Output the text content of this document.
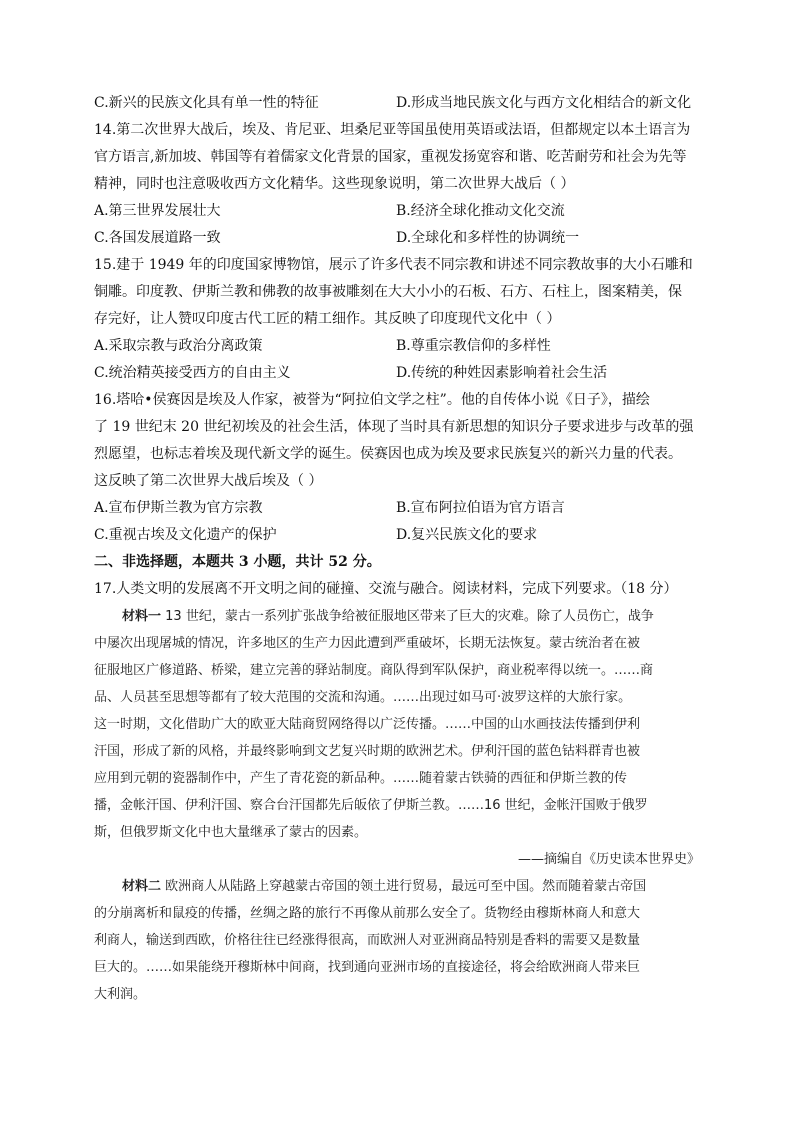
C.新兴的民族文化具有单一性的特征	D.形成当地民族文化与西方文化相结合的新文化
14.第二次世界大战后，埃及、肯尼亚、坦桑尼亚等国虽使用英语或法语，但都规定以本土语言为
官方语言,新加坡、韩国等有着儒家文化背景的国家，重视发扬宽容和谐、吃苦耐劳和社会为先等
精神，同时也注意吸收西方文化精华。这些现象说明，第二次世界大战后（ ）
A.第三世界发展壮大	B.经济全球化推动文化交流
C.各国发展道路一致	D.全球化和多样性的协调统一
15.建于 1949 年的印度国家博物馆，展示了许多代表不同宗教和讲述不同宗教故事的大小石雕和
铜雕。印度教、伊斯兰教和佛教的故事被雕刻在大大小小的石板、石方、石柱上，图案精美，保
存完好，让人赞叹印度古代工匠的精工细作。其反映了印度现代文化中（ ）
A.采取宗教与政治分离政策	B.尊重宗教信仰的多样性
C.统治精英接受西方的自由主义	D.传统的种姓因素影响着社会生活
16.塔哈•侯赛因是埃及人作家，被誉为“阿拉伯文学之柱”。他的自传体小说《日子》，描绘
了 19 世纪末 20 世纪初埃及的社会生活，体现了当时具有新思想的知识分子要求进步与改革的强
烈愿望，也标志着埃及现代新文学的诞生。侯赛因也成为埃及要求民族复兴的新兴力量的代表。
这反映了第二次世界大战后埃及（ ）
A.宣布伊斯兰教为官方宗教	B.宣布阿拉伯语为官方语言
C.重视古埃及文化遗产的保护	D.复兴民族文化的要求
二、非选择题，本题共 3 小题，共计 52 分。
17.人类文明的发展离不开文明之间的碰撞、交流与融合。阅读材料，完成下列要求。（18 分）
材料一 13 世纪，蒙古一系列扩张战争给被征服地区带来了巨大的灾难。除了人员伤亡，战争
中屡次出现屠城的情况，许多地区的生产力因此遭到严重破坏，长期无法恢复。蒙古统治者在被
征服地区广修道路、桥梁，建立完善的驿站制度。商队得到军队保护，商业税率得以统一。……商
品、人员甚至思想等都有了较大范围的交流和沟通。……出现过如马可·波罗这样的大旅行家。
这一时期，文化借助广大的欧亚大陆商贸网络得以广泛传播。……中国的山水画技法传播到伊利
汗国，形成了新的风格，并最终影响到文艺复兴时期的欧洲艺术。伊利汗国的蓝色钴料群青也被
应用到元朝的瓷器制作中，产生了青花瓷的新品种。……随着蒙古铁骑的西征和伊斯兰教的传
播，金帐汗国、伊利汗国、察合台汗国都先后皈依了伊斯兰教。……16 世纪，金帐汗国败于俄罗
斯，但俄罗斯文化中也大量继承了蒙古的因素。
——摘编自《历史读本世界史》
材料二 欧洲商人从陆路上穿越蒙古帝国的领土进行贸易，最远可至中国。然而随着蒙古帝国
的分崩离析和鼠疫的传播，丝绸之路的旅行不再像从前那么安全了。货物经由穆斯林商人和意大
利商人，输送到西欧，价格往往已经涨得很高，而欧洲人对亚洲商品特别是香料的需要又是数量
巨大的。……如果能绕开穆斯林中间商，找到通向亚洲市场的直接途径，将会给欧洲商人带来巨
大利润。
